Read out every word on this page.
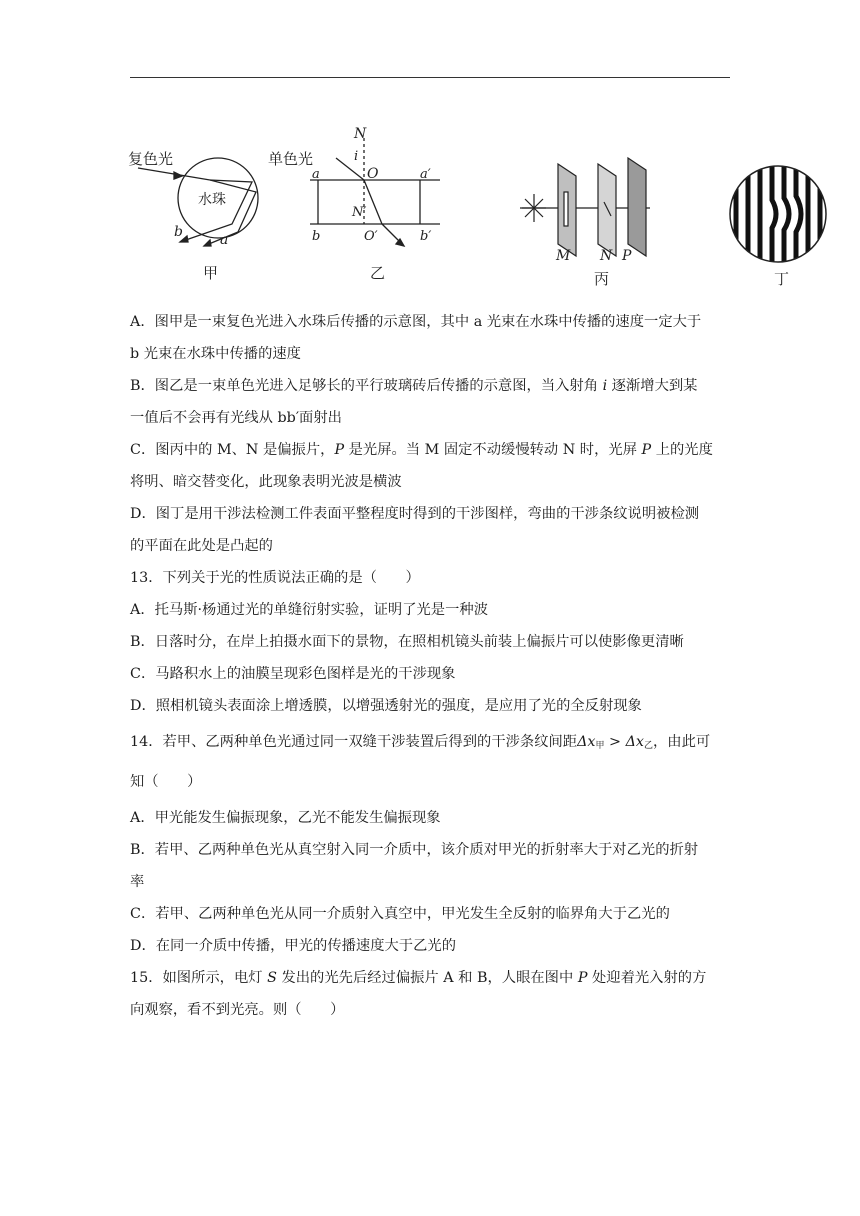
复色光
水珠
b	a
甲
单色光
N
i
O
a	a′
N′
b	O′	b′
乙
M N P
丙	丁
A．图甲是一束复色光进入水珠后传播的示意图，其中 a 光束在水珠中传播的速度一定大于
b 光束在水珠中传播的速度
B．图乙是一束单色光进入足够长的平行玻璃砖后传播的示意图，当入射角 i 逐渐增大到某
一值后不会再有光线从 bb′面射出
C．图丙中的 M、N 是偏振片，P 是光屏。当 M 固定不动缓慢转动 N 时，光屏 P 上的光度
将明、暗交替变化，此现象表明光波是横波
D．图丁是用干涉法检测工件表面平整程度时得到的干涉图样，弯曲的干涉条纹说明被检测
的平面在此处是凸起的
13．下列关于光的性质说法正确的是（　　）
A．托马斯·杨通过光的单缝衍射实验，证明了光是一种波
B．日落时分，在岸上拍摄水面下的景物，在照相机镜头前装上偏振片可以使影像更清晰
C．马路积水上的油膜呈现彩色图样是光的干涉现象
D．照相机镜头表面涂上增透膜，以增强透射光的强度，是应用了光的全反射现象
14．若甲、乙两种单色光通过同一双缝干涉装置后得到的干涉条纹间距$\Delta x_甲 > \Delta x_乙$，由此可
知（　　）
A．甲光能发生偏振现象，乙光不能发生偏振现象
B．若甲、乙两种单色光从真空射入同一介质中，该介质对甲光的折射率大于对乙光的折射
率
C．若甲、乙两种单色光从同一介质射入真空中，甲光发生全反射的临界角大于乙光的
D．在同一介质中传播，甲光的传播速度大于乙光的
15．如图所示，电灯 S 发出的光先后经过偏振片 A 和 B，人眼在图中 P 处迎着光入射的方
向观察，看不到光亮。则（　　）
